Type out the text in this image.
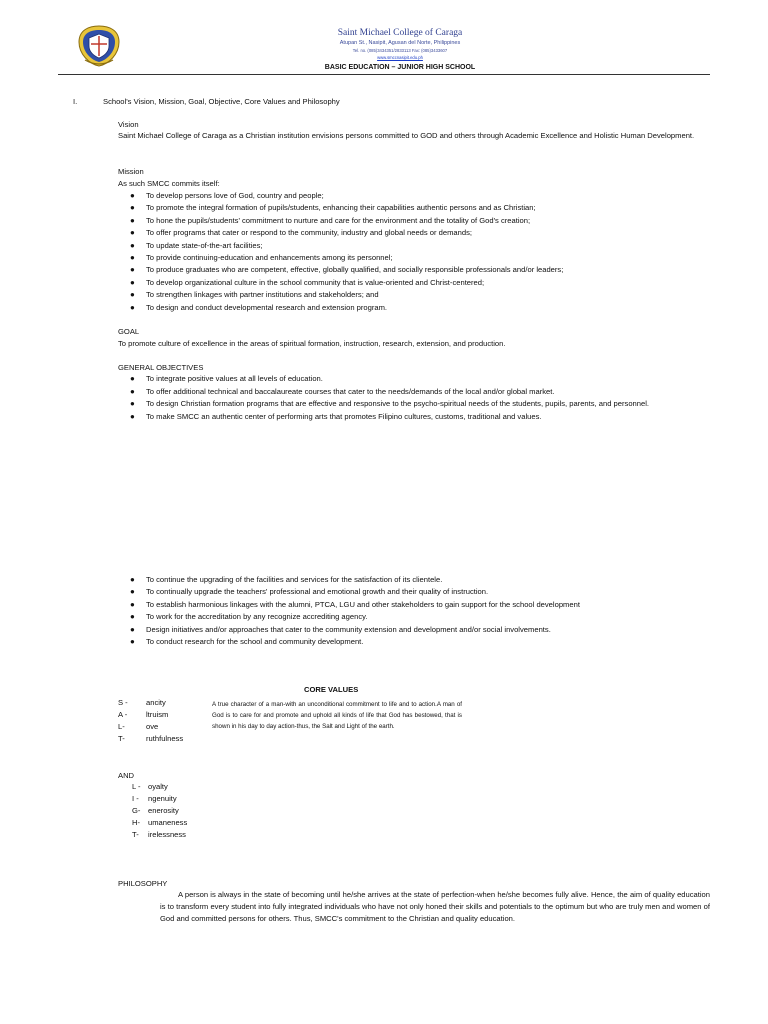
Saint Michael College of Caraga
Atupan St., Nasipit, Agusan del Norte, Philippines
Tel. no. (085)3434351/2833113 Fax: (085)3433607
www.smccnasipit.edu.ph
BASIC EDUCATION – JUNIOR HIGH SCHOOL
I.	School's Vision, Mission, Goal, Objective, Core Values and Philosophy
Vision
Saint Michael College of Caraga as a Christian institution envisions persons committed to GOD and others through Academic Excellence and Holistic Human Development.
Mission
As such SMCC commits itself:
● To develop persons love of God, country and people;
● To promote the integral formation of pupils/students, enhancing their capabilities authentic persons and as Christian;
● To hone the pupils/students' commitment to nurture and care for the environment and the totality of God's creation;
● To offer programs that cater or respond to the community, industry and global needs or demands;
● To update state-of-the-art facilities;
● To provide continuing-education and enhancements among its personnel;
● To produce graduates who are competent, effective, globally qualified, and socially responsible professionals and/or leaders;
● To develop organizational culture in the school community that is value-oriented and Christ-centered;
● To strengthen linkages with partner institutions and stakeholders; and
● To design and conduct developmental research and extension program.
GOAL
To promote culture of excellence in the areas of spiritual formation, instruction, research, extension, and production.
GENERAL OBJECTIVES
● To integrate positive values at all levels of education.
● To offer additional technical and baccalaureate courses that cater to the needs/demands of the local and/or global market.
● To design Christian formation programs that are effective and responsive to the psycho-spiritual needs of the students, pupils, parents, and personnel.
● To make SMCC an authentic center of performing arts that promotes Filipino cultures, customs, traditional and values.
● To continue the upgrading of the facilities and services for the satisfaction of its clientele.
● To continually upgrade the teachers' professional and emotional growth and their quality of instruction.
● To establish harmonious linkages with the alumni, PTCA, LGU and other stakeholders to gain support for the school development
● To work for the accreditation by any recognize accrediting agency.
● Design initiatives and/or approaches that cater to the community extension and development and/or social involvements.
● To conduct research for the school and community development.
CORE VALUES
S - ancity
A - ltruism
L-	ove
T-	ruthfulness
A true character of a man-with an unconditional commitment to life and to action.A man of God is to care for and promote and uphold all kinds of life that God has bestowed, that is shown in his day to day action-thus, the Salt and Light of the earth.
AND
L - oyalty
I - ngenuity
G- enerosity
H- umaneness
T- irelessness
PHILOSOPHY
A person is always in the state of becoming until he/she arrives at the state of perfection-when he/she becomes fully alive. Hence, the aim of quality education is to transform every student into fully integrated individuals who have not only honed their skills and potentials to the optimum but who are truly men and women of God and committed persons for others. Thus, SMCC's commitment to the Christian and quality education.
